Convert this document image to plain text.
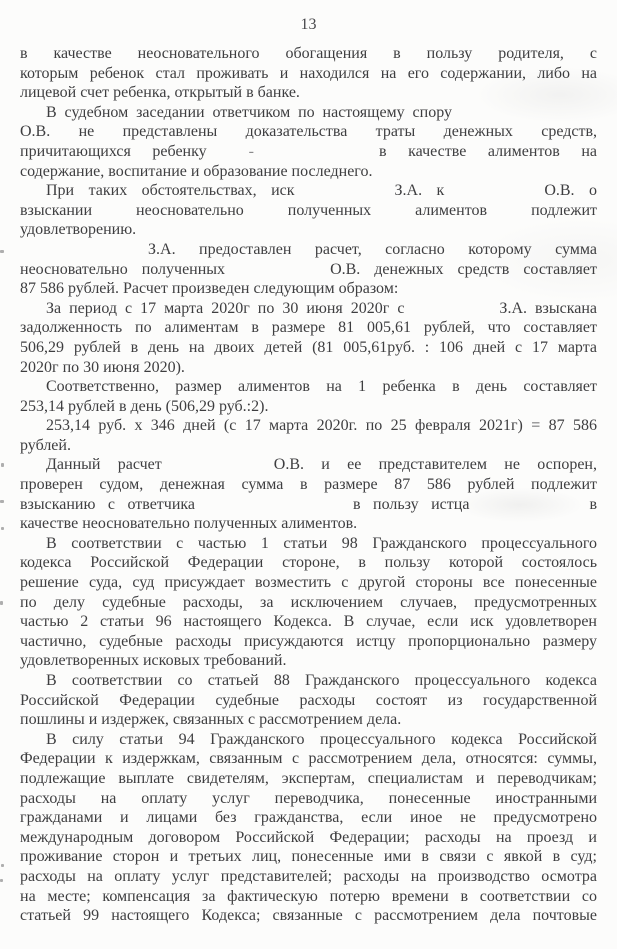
13
в качестве неосновательного обогащения в пользу родителя, с
которым ребенок стал проживать и находился на его содержании, либо на
лицевой счет ребенка, открытый в банке.
В судебном заседании ответчиком по настоящему спору
О.В. не представлены доказательства траты денежных средств,
причитающихся ребенку	-	в качестве алиментов на
содержание, воспитание и образование последнего.
При таких обстоятельствах, иск	З.А. к	О.В. о
взыскании неосновательно полученных алиментов подлежит
удовлетворению.
З.А. предоставлен расчет, согласно которому сумма
неосновательно полученных	О.В. денежных средств составляет
87 586 рублей. Расчет произведен следующим образом:
За период с 17 марта 2020г по 30 июня 2020г с	З.А. взыскана
задолженность по алиментам в размере 81 005,61 рублей, что составляет
506,29 рублей в день на двоих детей (81 005,61руб. : 106 дней с 17 марта
2020г по 30 июня 2020).
Соответственно, размер алиментов на 1 ребенка в день составляет
253,14 рублей в день (506,29 руб.:2).
253,14 руб. х 346 дней (с 17 марта 2020г. по 25 февраля 2021г) = 87 586
рублей.
Данный расчет	О.В. и ее представителем не оспорен,
проверен судом, денежная сумма в размере 87 586 рублей подлежит
взысканию с ответчика	в пользу истца	в
качестве неосновательно полученных алиментов.
В соответствии с частью 1 статьи 98 Гражданского процессуального
кодекса Российской Федерации стороне, в пользу которой состоялось
решение суда, суд присуждает возместить с другой стороны все понесенные
по делу судебные расходы, за исключением случаев, предусмотренных
частью 2 статьи 96 настоящего Кодекса. В случае, если иск удовлетворен
частично, судебные расходы присуждаются истцу пропорционально размеру
удовлетворенных исковых требований.
В соответствии со статьей 88 Гражданского процессуального кодекса
Российской Федерации судебные расходы состоят из государственной
пошлины и издержек, связанных с рассмотрением дела.
В силу статьи 94 Гражданского процессуального кодекса Российской
Федерации к издержкам, связанным с рассмотрением дела, относятся: суммы,
подлежащие выплате свидетелям, экспертам, специалистам и переводчикам;
расходы на оплату услуг переводчика, понесенные иностранными
гражданами и лицами без гражданства, если иное не предусмотрено
международным договором Российской Федерации; расходы на проезд и
проживание сторон и третьих лиц, понесенные ими в связи с явкой в суд;
расходы на оплату услуг представителей; расходы на производство осмотра
на месте; компенсация за фактическую потерю времени в соответствии со
статьей 99 настоящего Кодекса; связанные с рассмотрением дела почтовые
